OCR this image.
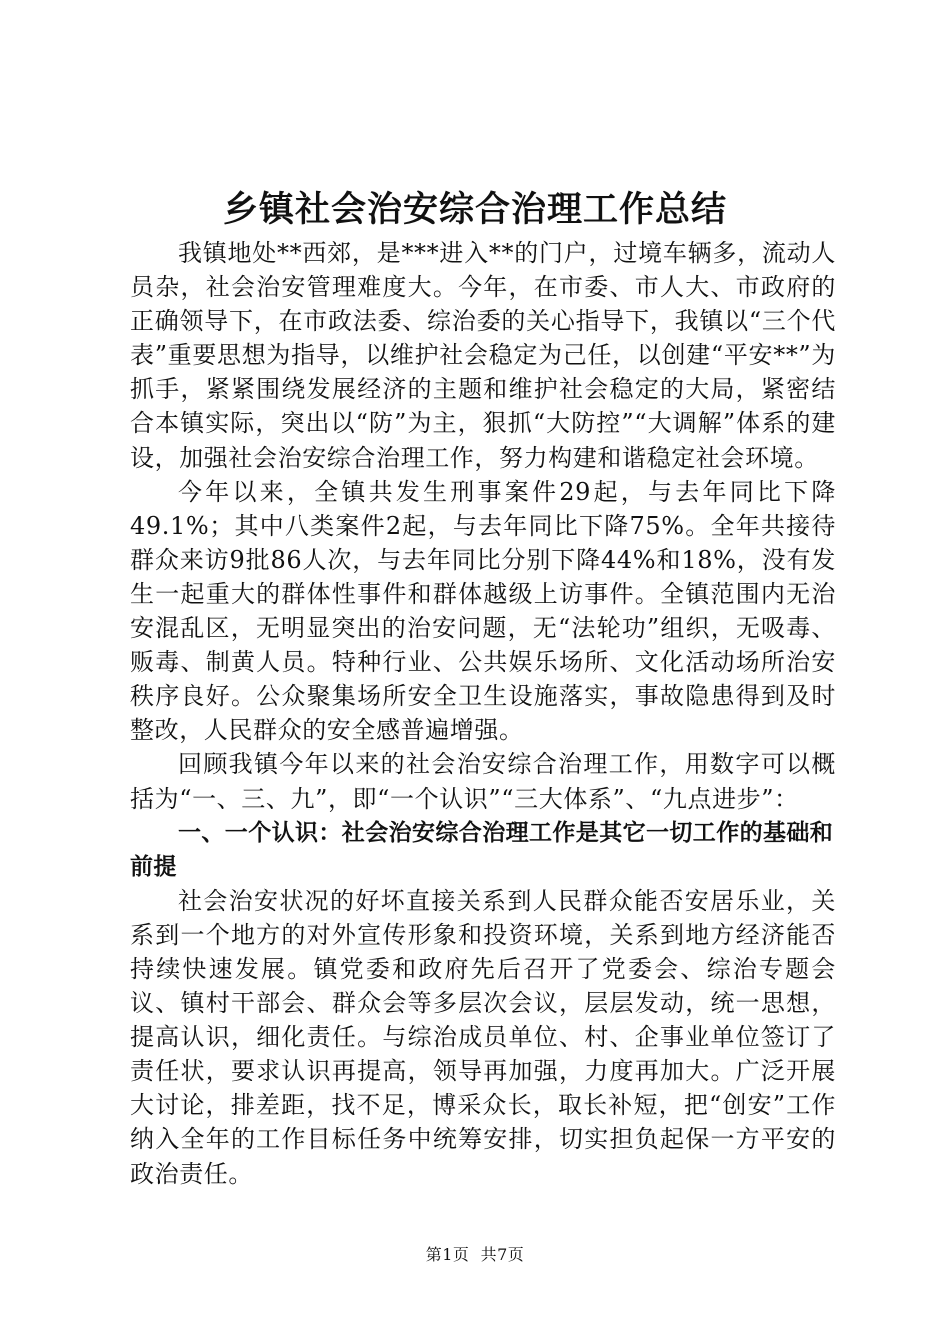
乡镇社会治安综合治理工作总结

我镇地处**西郊，是***进入**的门户，过境车辆多，流动人员杂，社会治安管理难度大。今年，在市委、市人大、市政府的正确领导下，在市政法委、综治委的关心指导下，我镇以“三个代表”重要思想为指导，以维护社会稳定为己任，以创建“平安**”为抓手，紧紧围绕发展经济的主题和维护社会稳定的大局，紧密结合本镇实际，突出以“防”为主，狠抓“大防控”“大调解”体系的建设，加强社会治安综合治理工作，努力构建和谐稳定社会环境。

今年以来，全镇共发生刑事案件29起，与去年同比下降49.1%；其中八类案件2起，与去年同比下降75%。全年共接待群众来访9批86人次，与去年同比分别下降44%和18%，没有发生一起重大的群体性事件和群体越级上访事件。全镇范围内无治安混乱区，无明显突出的治安问题，无“法轮功”组织，无吸毒、贩毒、制黄人员。特种行业、公共娱乐场所、文化活动场所治安秩序良好。公众聚集场所安全卫生设施落实，事故隐患得到及时整改，人民群众的安全感普遍增强。

回顾我镇今年以来的社会治安综合治理工作，用数字可以概括为“一、三、九”，即“一个认识”“三大体系”、“九点进步”：

一、一个认识：社会治安综合治理工作是其它一切工作的基础和前提

社会治安状况的好坏直接关系到人民群众能否安居乐业，关系到一个地方的对外宣传形象和投资环境，关系到地方经济能否持续快速发展。镇党委和政府先后召开了党委会、综治专题会议、镇村干部会、群众会等多层次会议，层层发动，统一思想，提高认识，细化责任。与综治成员单位、村、企事业单位签订了责任状，要求认识再提高，领导再加强，力度再加大。广泛开展大讨论，排差距，找不足，博采众长，取长补短，把“创安”工作纳入全年的工作目标任务中统筹安排，切实担负起保一方平安的政治责任。

第1页 共7页
